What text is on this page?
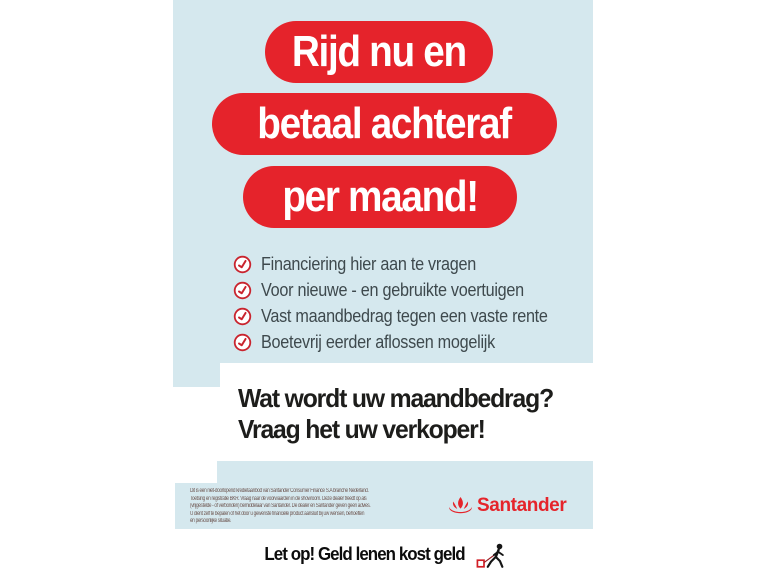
Rijd nu en
betaal achteraf
per maand!
Financiering hier aan te vragen
Voor nieuwe - en gebruikte voertuigen
Vast maandbedrag tegen een vaste rente
Boetevrij eerder aflossen mogelijk
Wat wordt uw maandbedrag?
Vraag het uw verkoper!
Dit is een niet-doorlopend kredietaanbod van Santander Consumer Finance S.A branche Nederland.
Toetsing en registratie BKR. Vraag naar de voorwaarden in de showroom. Deze dealer treedt op als
(vrijgestelde - of verbonden) bemiddelaar van Santander. De dealer en Santander geven geen advies.
U dient zelf te bepalen of het door u gewenste financiële product aansluit bij uw wensen, behoeften
en persoonlijke situatie.
Santander
Let op! Geld lenen kost geld
